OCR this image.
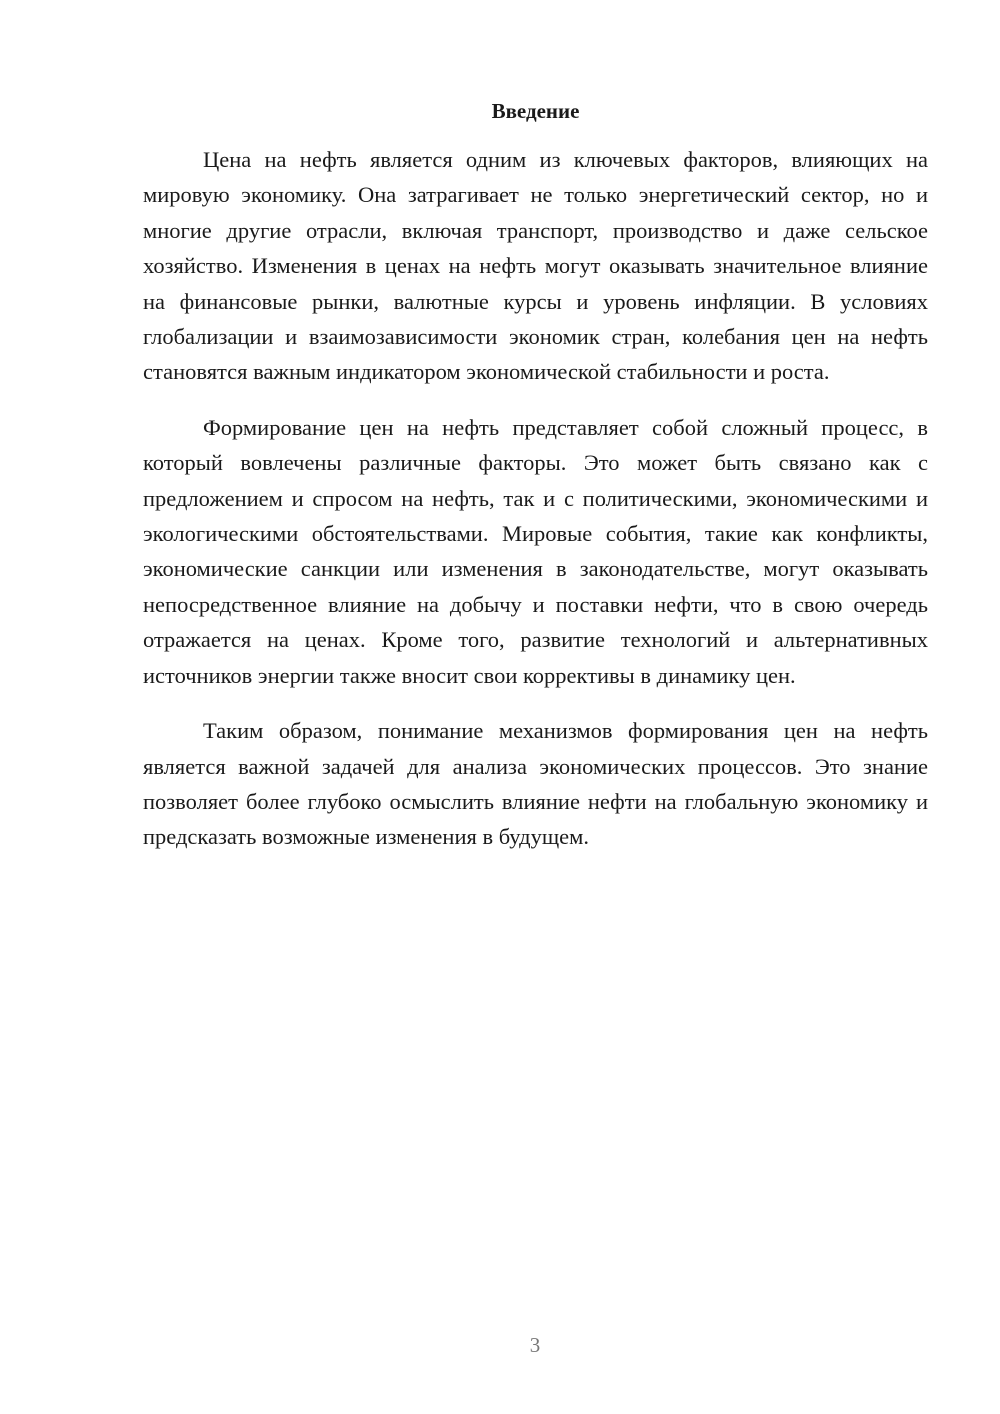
Введение

Цена на нефть является одним из ключевых факторов, влияющих на мировую экономику. Она затрагивает не только энергетический сектор, но и многие другие отрасли, включая транспорт, производство и даже сельское хозяйство. Изменения в ценах на нефть могут оказывать значительное влияние на финансовые рынки, валютные курсы и уровень инфляции. В условиях глобализации и взаимозависимости экономик стран, колебания цен на нефть становятся важным индикатором экономической стабильности и роста.

Формирование цен на нефть представляет собой сложный процесс, в который вовлечены различные факторы. Это может быть связано как с предложением и спросом на нефть, так и с политическими, экономическими и экологическими обстоятельствами. Мировые события, такие как конфликты, экономические санкции или изменения в законодательстве, могут оказывать непосредственное влияние на добычу и поставки нефти, что в свою очередь отражается на ценах. Кроме того, развитие технологий и альтернативных источников энергии также вносит свои коррективы в динамику цен.

Таким образом, понимание механизмов формирования цен на нефть является важной задачей для анализа экономических процессов. Это знание позволяет более глубоко осмыслить влияние нефти на глобальную экономику и предсказать возможные изменения в будущем.

3
